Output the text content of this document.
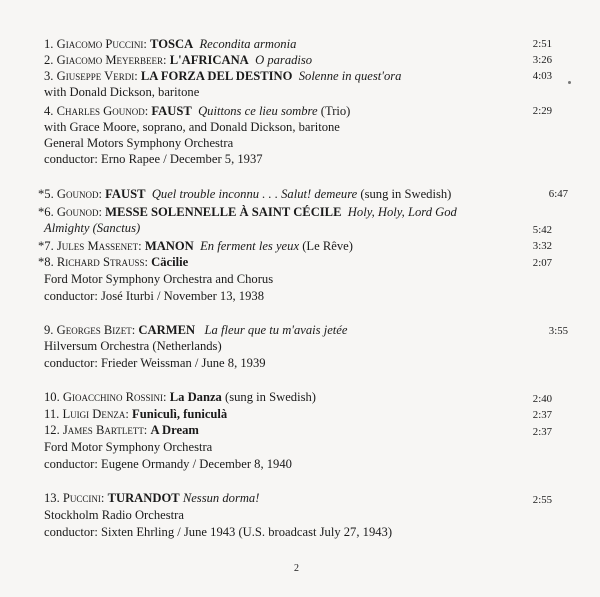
1. Giacomo Puccini: TOSCA Recondita armonia	2:51
2. Giacomo Meyerbeer: L'AFRICANA O paradiso	3:26
3. Giuseppe Verdi: LA FORZA DEL DESTINO Solenne in quest'ora	4:03
with Donald Dickson, baritone
4. Charles Gounod: FAUST Quittons ce lieu sombre (Trio)	2:29
with Grace Moore, soprano, and Donald Dickson, baritone
General Motors Symphony Orchestra
conductor: Erno Rapee / December 5, 1937
*5. Gounod: FAUST Quel trouble inconnu . . . Salut! demeure (sung in Swedish)	6:47
*6. Gounod: MESSE SOLENNELLE À SAINT CÉCILE Holy, Holy, Lord God
Almighty (Sanctus)	5:42
*7. Jules Massenet: MANON En ferment les yeux (Le Rêve)	3:32
*8. Richard Strauss: Cäcilie	2:07
Ford Motor Symphony Orchestra and Chorus
conductor: José Iturbi / November 13, 1938
9. Georges Bizet: CARMEN La fleur que tu m'avais jetée	3:55
Hilversum Orchestra (Netherlands)
conductor: Frieder Weissman / June 8, 1939
10. Gioacchino Rossini: La Danza (sung in Swedish)	2:40
11. Luigi Denza: Funiculì, funiculà	2:37
12. James Bartlett: A Dream	2:37
Ford Motor Symphony Orchestra
conductor: Eugene Ormandy / December 8, 1940
13. Puccini: TURANDOT Nessun dorma!	2:55
Stockholm Radio Orchestra
conductor: Sixten Ehrling / June 1943 (U.S. broadcast July 27, 1943)
2
